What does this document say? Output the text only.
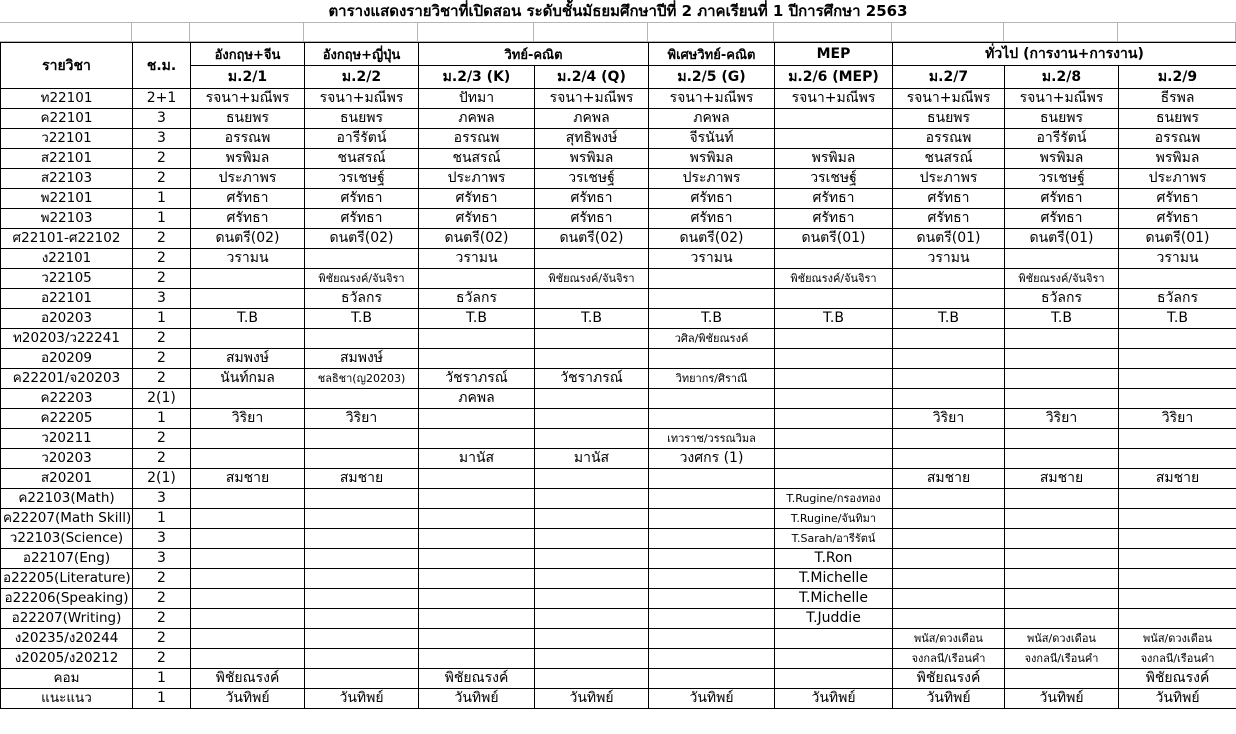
ตารางแสดงรายวิชาที่เปิดสอน ระดับชั้นมัธยมศึกษาปีที่ 2 ภาคเรียนที่ 1 ปีการศึกษา 2563
รายวิชา	ช.ม.	อังกฤษ+จีน	อังกฤษ+ญี่ปุ่น	วิทย์-คณิต		พิเศษวิทย์-คณิต	MEP	ทั่วไป (การงาน+การงาน)		
		ม.2/1	ม.2/2	ม.2/3 (K)	ม.2/4 (Q)	ม.2/5 (G)	ม.2/6 (MEP)	ม.2/7	ม.2/8	ม.2/9
ท22101	2+1	รจนา+มณีพร	รจนา+มณีพร	ปัทมา	รจนา+มณีพร	รจนา+มณีพร	รจนา+มณีพร	รจนา+มณีพร	รจนา+มณีพร	ธีรพล
ค22101	3	ธนยพร	ธนยพร	ภคพล	ภคพล	ภคพล		ธนยพร	ธนยพร	ธนยพร
ว22101	3	อรรณพ	อารีรัตน์	อรรณพ	สุทธิพงษ์	จีรนันท์		อรรณพ	อารีรัตน์	อรรณพ
ส22101	2	พรพิมล	ชนสรณ์	ชนสรณ์	พรพิมล	พรพิมล	พรพิมล	ชนสรณ์	พรพิมล	พรพิมล
ส22103	2	ประภาพร	วรเชษฐ์	ประภาพร	วรเชษฐ์	ประภาพร	วรเชษฐ์	ประภาพร	วรเชษฐ์	ประภาพร
พ22101	1	ศรัทธา	ศรัทธา	ศรัทธา	ศรัทธา	ศรัทธา	ศรัทธา	ศรัทธา	ศรัทธา	ศรัทธา
พ22103	1	ศรัทธา	ศรัทธา	ศรัทธา	ศรัทธา	ศรัทธา	ศรัทธา	ศรัทธา	ศรัทธา	ศรัทธา
ศ22101-ศ22102	2	ดนตรี(02)	ดนตรี(02)	ดนตรี(02)	ดนตรี(02)	ดนตรี(02)	ดนตรี(01)	ดนตรี(01)	ดนตรี(01)	ดนตรี(01)
ง22101	2	วรามน		วรามน		วรามน		วรามน		วรามน
ว22105	2		พิชัยณรงค์/จันจิรา		พิชัยณรงค์/จันจิรา		พิชัยณรงค์/จันจิรา		พิชัยณรงค์/จันจิรา	
อ22101	3		ธวัลกร	ธวัลกร					ธวัลกร	ธวัลกร
อ20203	1	T.B	T.B	T.B	T.B	T.B	T.B	T.B	T.B	T.B
ท20203/ว22241	2					วศิล/พิชัยณรงค์				
อ20209	2	สมพงษ์	สมพงษ์							
ค22201/จ20203	2	นันท์กมล	ชลธิชา(ญ20203)	วัชราภรณ์	วัชราภรณ์	วิทยากร/ศิราณี				
ค22203	2(1)			ภคพล						
ค22205	1	วิริยา	วิริยา					วิริยา	วิริยา	วิริยา
ว20211	2					เทวราช/วรรณวิมล				
ว20203	2			มานัส	มานัส	วงศกร (1)				
ส20201	2(1)	สมชาย	สมชาย					สมชาย	สมชาย	สมชาย
ค22103(Math)	3						T.Rugine/กรองทอง			
ค22207(Math Skill)	1						T.Rugine/จันทิมา			
ว22103(Science)	3						T.Sarah/อารีรัตน์			
อ22107(Eng)	3						T.Ron			
อ22205(Literature)	2						T.Michelle			
อ22206(Speaking)	2						T.Michelle			
อ22207(Writing)	2						T.Juddie			
ง20235/ง20244	2							พนัส/ดวงเดือน	พนัส/ดวงเดือน	พนัส/ดวงเดือน
ง20205/ง20212	2							จงกลนี/เรือนคำ	จงกลนี/เรือนคำ	จงกลนี/เรือนคำ
คอม	1	พิชัยณรงค์		พิชัยณรงค์				พิชัยณรงค์		พิชัยณรงค์
แนะแนว	1	วันทิพย์	วันทิพย์	วันทิพย์	วันทิพย์	วันทิพย์	วันทิพย์	วันทิพย์	วันทิพย์	วันทิพย์
